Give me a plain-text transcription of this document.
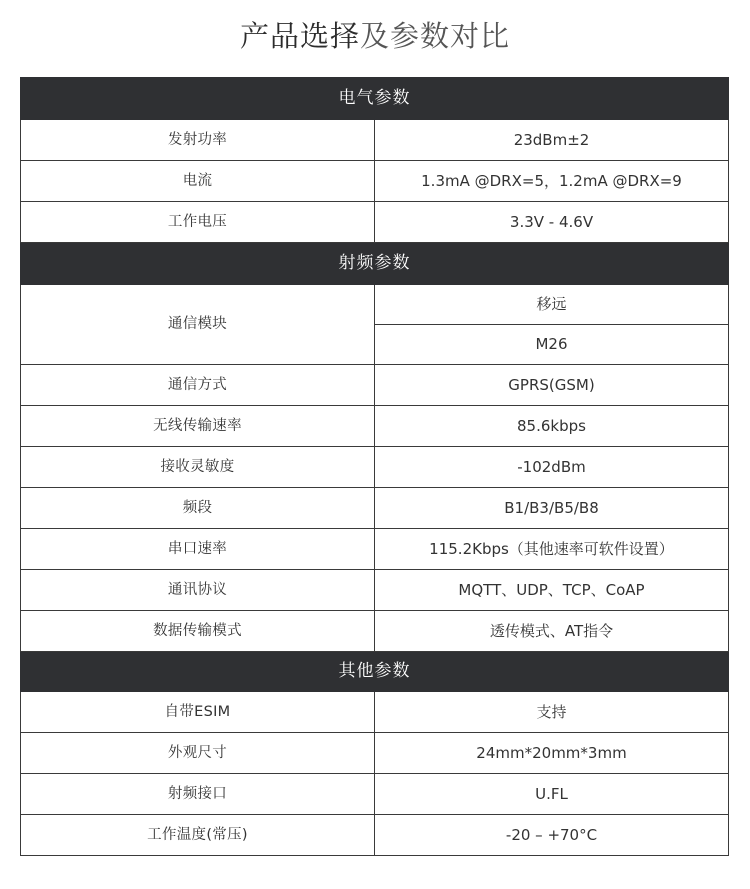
产品选择及参数对比
电气参数	
发射功率	23dBm±2
电流	1.3mA @DRX=5，1.2mA @DRX=9
工作电压	3.3V - 4.6V
射频参数	
通信模块	移远
	M26
通信方式	GPRS(GSM)
无线传输速率	85.6kbps
接收灵敏度	-102dBm
频段	B1/B3/B5/B8
串口速率	115.2Kbps（其他速率可软件设置）
通讯协议	MQTT、UDP、TCP、CoAP
数据传输模式	透传模式、AT指令
其他参数	
自带ESIM	支持
外观尺寸	24mm*20mm*3mm
射频接口	U.FL
工作温度(常压)	-20 – +70°C
